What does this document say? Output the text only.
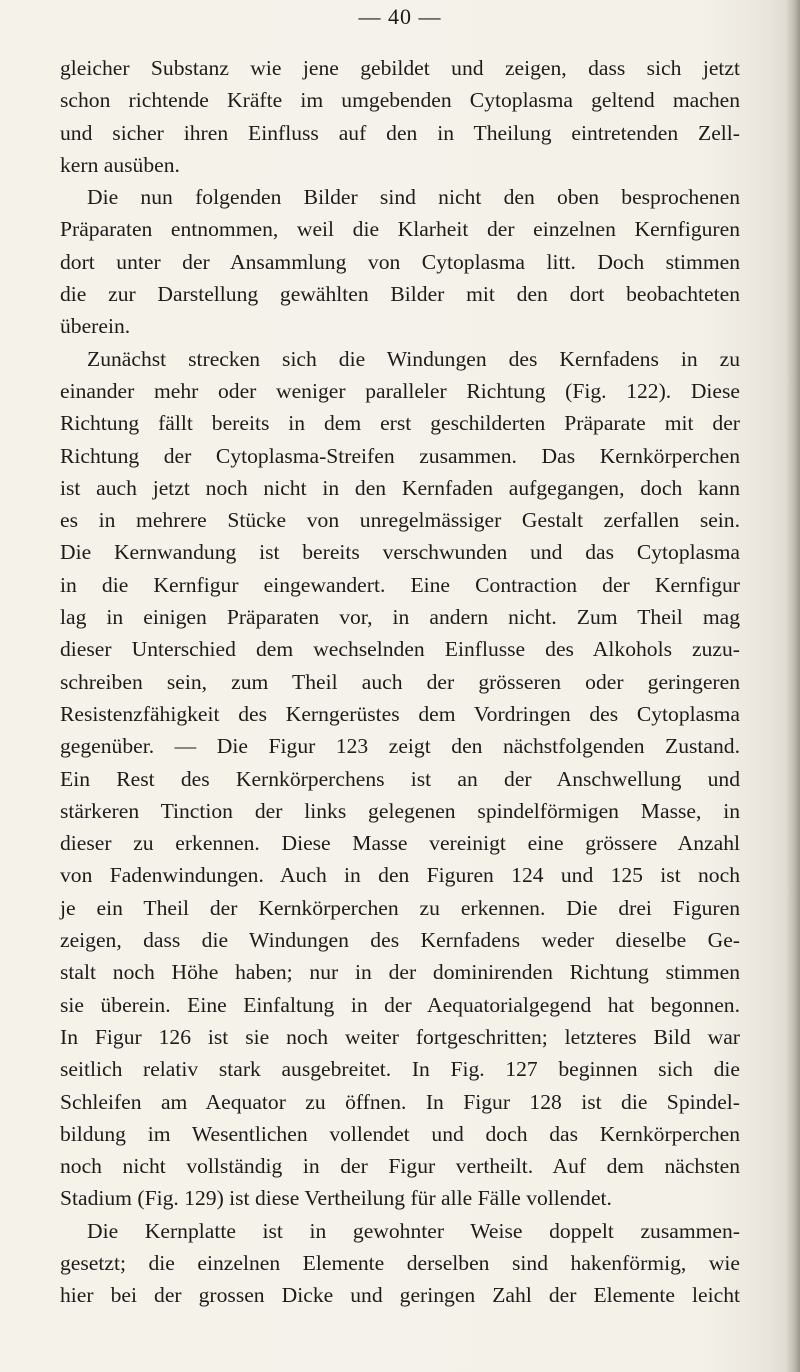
— 40 —
gleicher Substanz wie jene gebildet und zeigen, dass sich jetzt
schon richtende Kräfte im umgebenden Cytoplasma geltend machen
und sicher ihren Einfluss auf den in Theilung eintretenden Zell-
kern ausüben.
Die nun folgenden Bilder sind nicht den oben besprochenen
Präparaten entnommen, weil die Klarheit der einzelnen Kernfiguren
dort unter der Ansammlung von Cytoplasma litt. Doch stimmen
die zur Darstellung gewählten Bilder mit den dort beobachteten
überein.
Zunächst strecken sich die Windungen des Kernfadens in zu
einander mehr oder weniger paralleler Richtung (Fig. 122). Diese
Richtung fällt bereits in dem erst geschilderten Präparate mit der
Richtung der Cytoplasma-Streifen zusammen. Das Kernkörperchen
ist auch jetzt noch nicht in den Kernfaden aufgegangen, doch kann
es in mehrere Stücke von unregelmässiger Gestalt zerfallen sein.
Die Kernwandung ist bereits verschwunden und das Cytoplasma
in die Kernfigur eingewandert. Eine Contraction der Kernfigur
lag in einigen Präparaten vor, in andern nicht. Zum Theil mag
dieser Unterschied dem wechselnden Einflusse des Alkohols zuzu-
schreiben sein, zum Theil auch der grösseren oder geringeren
Resistenzfähigkeit des Kerngerüstes dem Vordringen des Cytoplasma
gegenüber. — Die Figur 123 zeigt den nächstfolgenden Zustand.
Ein Rest des Kernkörperchens ist an der Anschwellung und
stärkeren Tinction der links gelegenen spindelförmigen Masse, in
dieser zu erkennen. Diese Masse vereinigt eine grössere Anzahl
von Fadenwindungen. Auch in den Figuren 124 und 125 ist noch
je ein Theil der Kernkörperchen zu erkennen. Die drei Figuren
zeigen, dass die Windungen des Kernfadens weder dieselbe Ge-
stalt noch Höhe haben; nur in der dominirenden Richtung stimmen
sie überein. Eine Einfaltung in der Aequatorialgegend hat begonnen.
In Figur 126 ist sie noch weiter fortgeschritten; letzteres Bild war
seitlich relativ stark ausgebreitet. In Fig. 127 beginnen sich die
Schleifen am Aequator zu öffnen. In Figur 128 ist die Spindel-
bildung im Wesentlichen vollendet und doch das Kernkörperchen
noch nicht vollständig in der Figur vertheilt. Auf dem nächsten
Stadium (Fig. 129) ist diese Vertheilung für alle Fälle vollendet.
Die Kernplatte ist in gewohnter Weise doppelt zusammen-
gesetzt; die einzelnen Elemente derselben sind hakenförmig, wie
hier bei der grossen Dicke und geringen Zahl der Elemente leicht
